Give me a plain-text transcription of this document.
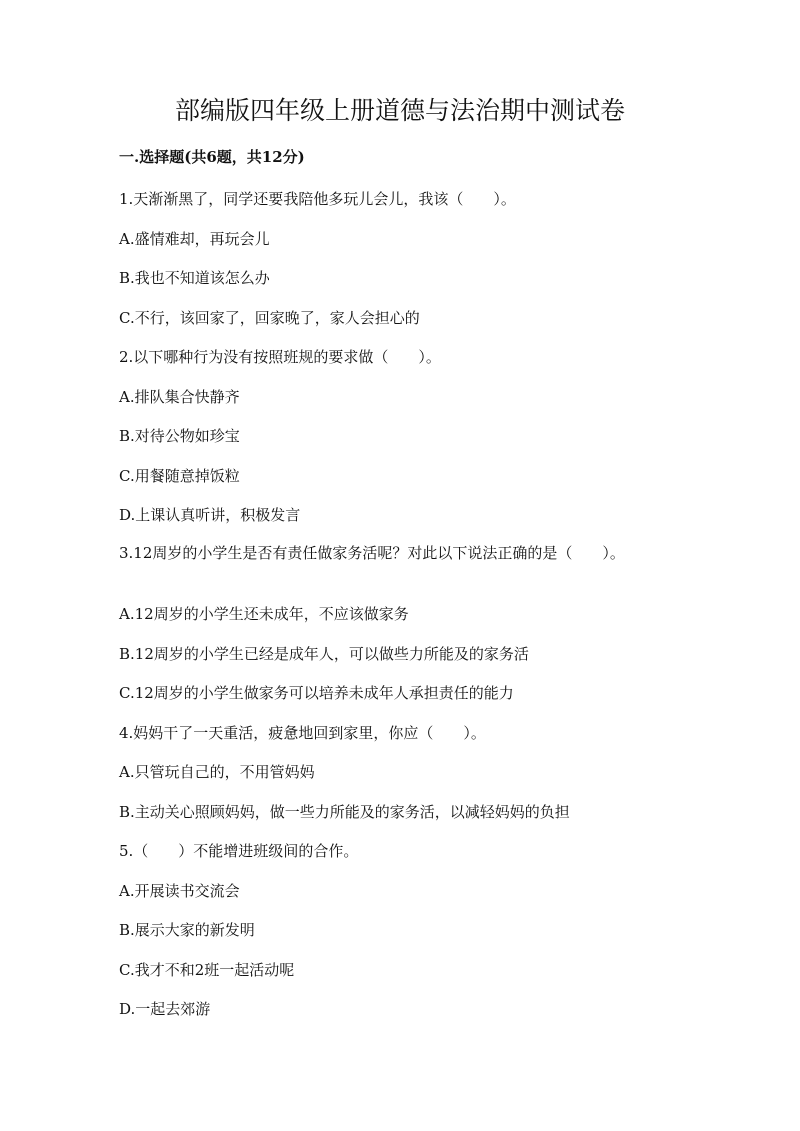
部编版四年级上册道德与法治期中测试卷
一.选择题(共6题，共12分)

1.天渐渐黑了，同学还要我陪他多玩儿会儿，我该（　　）。

A.盛情难却，再玩会儿

B.我也不知道该怎么办

C.不行，该回家了，回家晚了，家人会担心的

2.以下哪种行为没有按照班规的要求做（　　）。

A.排队集合快静齐

B.对待公物如珍宝

C.用餐随意掉饭粒

D.上课认真听讲，积极发言

3.12周岁的小学生是否有责任做家务活呢？对此以下说法正确的是（　　）。

A.12周岁的小学生还未成年，不应该做家务

B.12周岁的小学生已经是成年人，可以做些力所能及的家务活

C.12周岁的小学生做家务可以培养未成年人承担责任的能力

4.妈妈干了一天重活，疲惫地回到家里，你应（　　）。

A.只管玩自己的，不用管妈妈

B.主动关心照顾妈妈，做一些力所能及的家务活，以减轻妈妈的负担

5.（　　）不能增进班级间的合作。

A.开展读书交流会

B.展示大家的新发明

C.我才不和2班一起活动呢

D.一起去郊游
